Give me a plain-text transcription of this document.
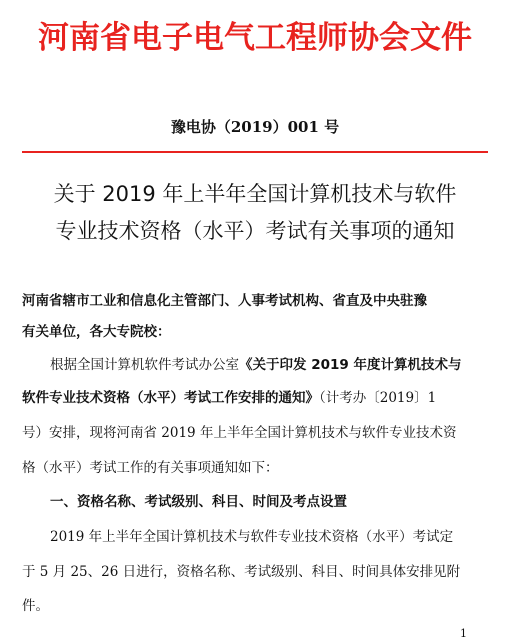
河南省电子电气工程师协会文件
豫电协（2019）001 号
关于 2019 年上半年全国计算机技术与软件
专业技术资格（水平）考试有关事项的通知
河南省辖市工业和信息化主管部门、人事考试机构、省直及中央驻豫
有关单位，各大专院校：
根据全国计算机软件考试办公室《关于印发 2019 年度计算机技术与
软件专业技术资格（水平）考试工作安排的通知》（计考办〔2019〕1
号）安排，现将河南省 2019 年上半年全国计算机技术与软件专业技术资
格（水平）考试工作的有关事项通知如下：
一、资格名称、考试级别、科目、时间及考点设置
2019 年上半年全国计算机技术与软件专业技术资格（水平）考试定
于 5 月 25、26 日进行，资格名称、考试级别、科目、时间具体安排见附
件。
1
